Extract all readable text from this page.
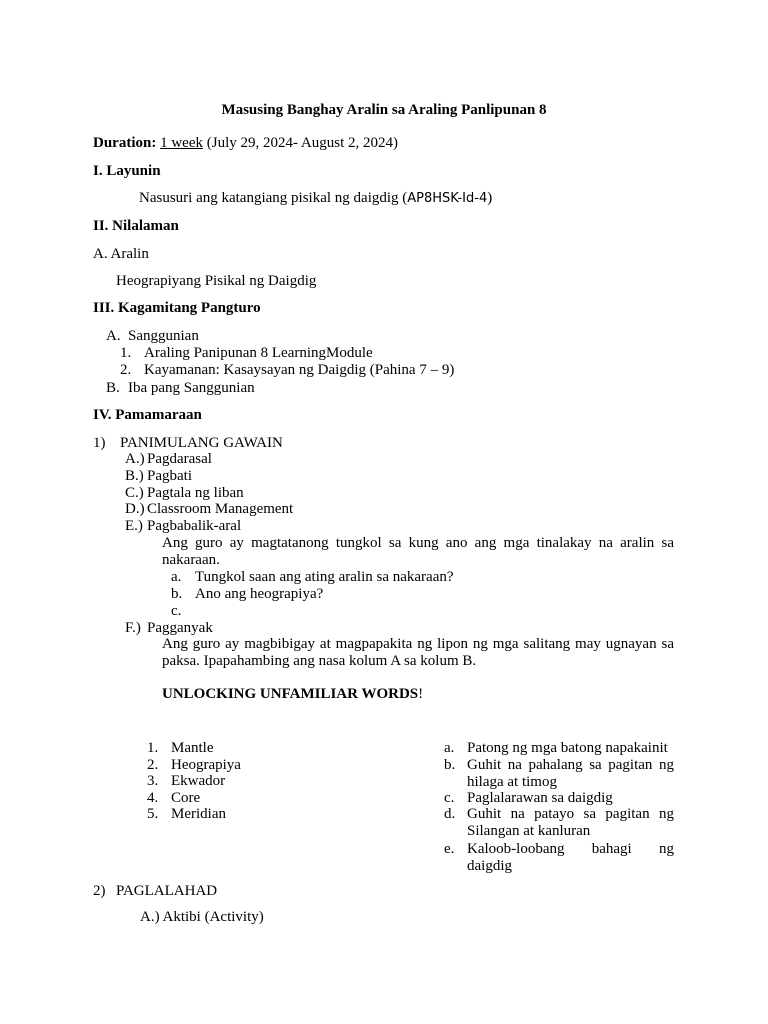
Masusing Banghay Aralin sa Araling Panlipunan 8
Duration: 1 week (July 29, 2024- August 2, 2024)
I. Layunin
Nasusuri ang katangiang pisikal ng daigdig (AP8HSK-Id-4)
II. Nilalaman
A. Aralin
Heograpiyang Pisikal ng Daigdig
III. Kagamitang Pangturo
A. Sanggunian
1. Araling Panipunan 8 LearningModule
2. Kayamanan: Kasaysayan ng Daigdig (Pahina 7 – 9)
B. Iba pang Sanggunian
IV. Pamamaraan
1) PANIMULANG GAWAIN
A.) Pagdarasal
B.) Pagbati
C.) Pagtala ng liban
D.) Classroom Management
E.) Pagbabalik-aral
Ang guro ay magtatanong tungkol sa kung ano ang mga tinalakay na aralin sa nakaraan.
a. Tungkol saan ang ating aralin sa nakaraan?
b. Ano ang heograpiya?
c.
F.) Pagganyak
Ang guro ay magbibigay at magpapakita ng lipon ng mga salitang may ugnayan sa paksa. Ipapahambing ang nasa kolum A sa kolum B.
UNLOCKING UNFAMILIAR WORDS!
1. Mantle
2. Heograpiya
3. Ekwador
4. Core
5. Meridian
a. Patong ng mga batong napakainit
b. Guhit na pahalang sa pagitan ng hilaga at timog
c. Paglalarawan sa daigdig
d. Guhit na patayo sa pagitan ng Silangan at kanluran
e. Kaloob-loobang bahagi ng daigdig
2) PAGLALAHAD
A.) Aktibi (Activity)
